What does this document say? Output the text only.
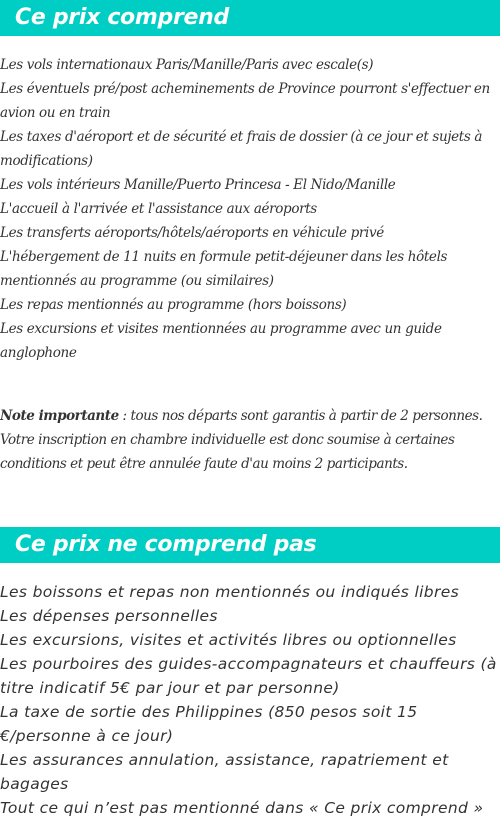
Ce prix comprend
Les vols internationaux Paris/Manille/Paris avec escale(s)
Les éventuels pré/post acheminements de Province pourront s'effectuer en avion ou en train
Les taxes d'aéroport et de sécurité et frais de dossier (à ce jour et sujets à modifications)
Les vols intérieurs Manille/Puerto Princesa - El Nido/Manille
L'accueil à l'arrivée et l'assistance aux aéroports
Les transferts aéroports/hôtels/aéroports en véhicule privé
L'hébergement de 11 nuits en formule petit-déjeuner dans les hôtels mentionnés au programme (ou similaires)
Les repas mentionnés au programme (hors boissons)
Les excursions et visites mentionnées au programme avec un guide anglophone

Note importante : tous nos départs sont garantis à partir de 2 personnes. Votre inscription en chambre individuelle est donc soumise à certaines conditions et peut être annulée faute d'au moins 2 participants.

Ce prix ne comprend pas
Les boissons et repas non mentionnés ou indiqués libres
Les dépenses personnelles
Les excursions, visites et activités libres ou optionnelles
Les pourboires des guides-accompagnateurs et chauffeurs (à titre indicatif 5€ par jour et par personne)
La taxe de sortie des Philippines (850 pesos soit 15 €/personne à ce jour)
Les assurances annulation, assistance, rapatriement et bagages
Tout ce qui n’est pas mentionné dans « Ce prix comprend »
